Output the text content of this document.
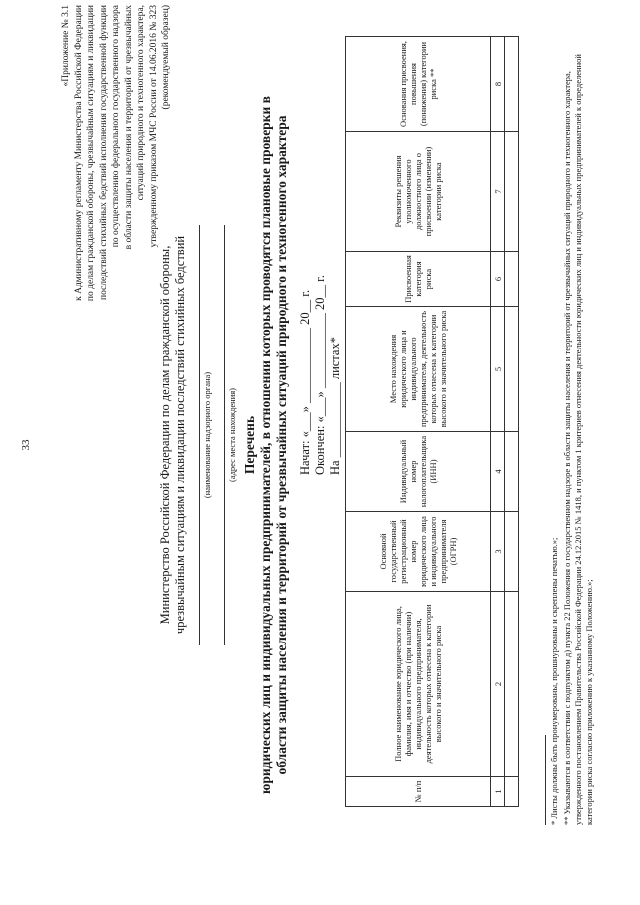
33
«Приложение № 3.1 к Административному регламенту Министерства Российской Федерации по делам гражданской обороны, чрезвычайным ситуациям и ликвидации последствий стихийных бедствий исполнения государственной функции по осуществлению федерального государственного надзора в области защиты населения и территорий от чрезвычайных ситуаций природного и техногенного характера, утвержденному приказом МЧС России от 14.06.2016 № 323 (рекомендуемый образец)
Министерство Российской Федерации по делам гражданской обороны, чрезвычайным ситуациям и ликвидации последствий стихийных бедствий (наименование надзорного органа)	(адрес места нахождения) Перечень юридических лиц и индивидуальных предпринимателей, в отношении которых проводятся плановые проверки в области защиты населения и территорий от чрезвычайных ситуаций природного и техногенного характера Начат: «___» ____________ 20__ г. Окончен: «___» ____________ 20__ г. На ____________ листах*
№ п/п	Полное наименование юридического лица, фамилия, имя и отчество (при наличии) индивидуального предпринимателя, деятельность которых отнесена к категории высокого и значительного риска	Основной государственный регистрационный номер юридического лица и индивидуального предпринимателя (ОГРН)	Индивидуальный номер налогоплательщика (ИНН)	Место нахождения юридического лица и индивидуального предпринимателя, деятельность которых отнесена к категории высокого и значительного риска	Присвоенная категория риска	Реквизиты решения уполномоченного должностного лица о присвоении (изменении) категории риска	Основания присвоения, повышения (понижения) категории риска **
1	2	3	4	5	6	7	8

* Листы должны быть пронумерованы, прошнурованы и скреплены печатью.»; ** Указываются в соответствии с подпунктом д) пункта 22 Положения о государственном надзоре в области защиты населения и территорий от чрезвычайных ситуаций природного и техногенного характера, утвержденного постановлением Правительства Российской Федерации 24.12.2015 № 1418, и пунктом 1 критериев отнесения деятельности юридических лиц и индивидуальных предпринимателей к определенной категории риска согласно приложению к указанному Положению.»;
